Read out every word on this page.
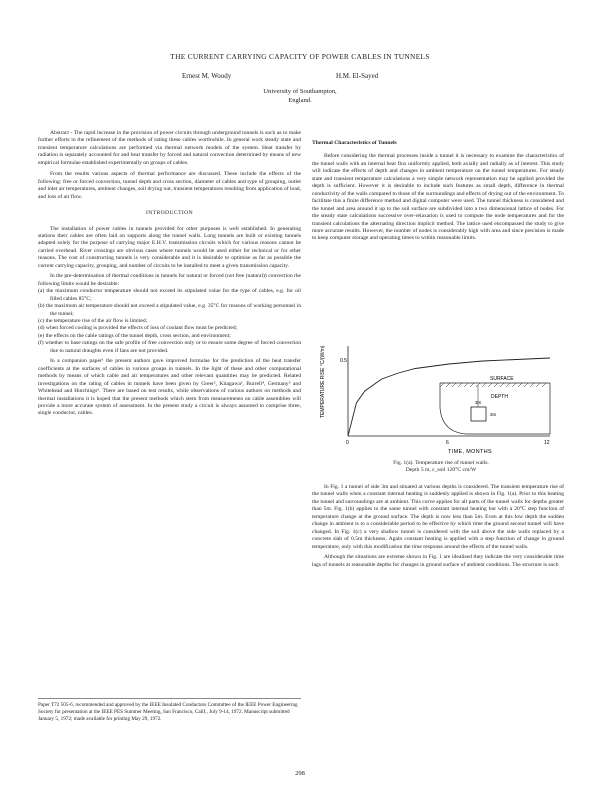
THE CURRENT CARRYING CAPACITY OF POWER CABLES IN TUNNELS
Ernest M. Woody	H.M. El-Sayed
University of Southampton,
England.

Abstract - The rapid increase in the provision of power circuits through underground tunnels is such as to make further efforts in the refinement of the methods of rating these cables worthwhile. In general work steady state and transient temperature calculations are performed via thermal network models of the system. Heat transfer by radiation is separately accounted for and heat transfer by forced and natural convection determined by means of new empirical formulae established experimentally on groups of cables.

From the results various aspects of thermal performance are discussed. These include the effects of the following: free or forced convection, tunnel depth and cross section, diameter of cables and type of grouping, outlet and inlet air temperatures, ambient changes, soil drying out, transient temperatures resulting from application of load, and loss of air flow.

INTRODUCTION

The installation of power cables in tunnels provided for other purposes is well established. In generating stations their cables are often laid on supports along the tunnel walls. Long tunnels are built or existing tunnels adapted solely for the purpose of carrying major E.H.V. transmission circuits which for various reasons cannot be carried overhead. River crossings are obvious cases where tunnels would be used either for technical or for other reasons. The cost of constructing tunnels is very considerable and it is desirable to optimise as far as possible the current carrying capacity, grouping, and number of circuits to be installed to meet a given transmission capacity.

In the pre-determination of thermal conditions in tunnels for natural or forced (not free (natural)) convection the following limits would be desirable:

(a) the maximum conductor temperature should not exceed its stipulated value for the type of cables, e.g. for oil filled cables 85°C;

(b) the maximum air temperature should not exceed a stipulated value, e.g. 35°C for reasons of working personnel in the tunnel;

(c) the temperature rise of the air flow is limited;

(d) when forced cooling is provided the effects of loss of coolant flow must be predicted;

(e) the effects on the cable ratings of the tunnel depth, cross section, and environment;

(f) whether to base ratings on the safe profile of free convection only or to ensure some degree of forced convection due to natural draughts even if fans are not provided.

In a companion paper¹ the present authors gave improved formulae for the prediction of the heat transfer coefficients at the surfaces of cables in various groups in tunnels. In the light of these and other computational methods by means of which cable and air temperatures and other relevant quantities may be predicted. Related investigations on the rating of cables in tunnels have been given by Greer², Kitagawa³, Burrell⁴, Germany⁵ and Whitehead and Hutchings⁶. There are based on test results, while observations of various authors on methods and thermal installations it is hoped that the present methods which stem from measurements on cable assemblies will provide a more accurate system of assessment. In the present study a circuit is always assumed to comprise three, single conductor, cables.

Paper T72 505-6, recommended and approved by the IEEE Insulated Conductors Committee of the IEEE Power Engineering Society for presentation at the IEEE PES Summer Meeting, San Francisco, Calif., July 9-14, 1972. Manuscript submitted January 5, 1972; made available for printing May 29, 1972.

Thermal Characteristics of Tunnels

Before considering the thermal processes inside a tunnel it is necessary to examine the characteristics of the tunnel walls with an internal heat flux uniformly applied, both axially and radially as of interest. This study will indicate the effects of depth and changes in ambient temperature on the tunnel temperatures. For steady state and transient temperature calculations a very simple network representation may be applied provided the depth is sufficient. However it is desirable to include such features as small depth, difference in thermal conductivity of the walls compared to those of the surroundings and effects of drying out of the environment. To facilitate this a finite difference method and digital computer were used. The tunnel thickness is considered and the tunnel and area around it up to the soil surface are subdivided into a two dimensional lattice of nodes. For the steady state calculations successive over-relaxation is used to compute the node temperatures and for the transient calculations the alternating direction implicit method. The lattice used encompassed the study to give more accurate results. However, the number of nodes is considerably high with area and since precision is made to keep computer storage and operating times to within reasonable limits.

TEMPERATURE RISE °C/(W/m)	0.5
0	6	12
TIME, MONTHS
SURFACE
DEPTH
3m
3m
Fig. 1(a). Temperature rise of tunnel walls.
Depth 5 m, ε_soil 120°C cm/W

In Fig. 1 a tunnel of side 3m and situated at various depths is considered. The transient temperature rise of the tunnel walls when a constant internal heating is suddenly applied is shown in Fig. 1(a). Prior to this heating the tunnel and surroundings are at ambient. This curve applies for all parts of the tunnel walls for depths greater than 5m. Fig. 1(b) applies to the same tunnel with constant internal heating but with a 20°C step function of temperature change at the ground surface. The depth is now less than 5m. Even at this low depth the sudden change in ambient is to a considerable period to be effective by which time the ground second tunnel will have changed. In Fig. 1(c) a very shallow tunnel is considered with the soil above the side walls replaced by a concrete slab of 0.5m thickness. Again constant heating is applied with a step function of change in ground temperature, only with this modification the time response around the effects of the tunnel walls.

Although the situations are extreme shown in Fig. 1 are idealised they indicate the very considerable time lags of tunnels at reasonable depths for changes in ground surface of ambient conditions. The structure is such

298
